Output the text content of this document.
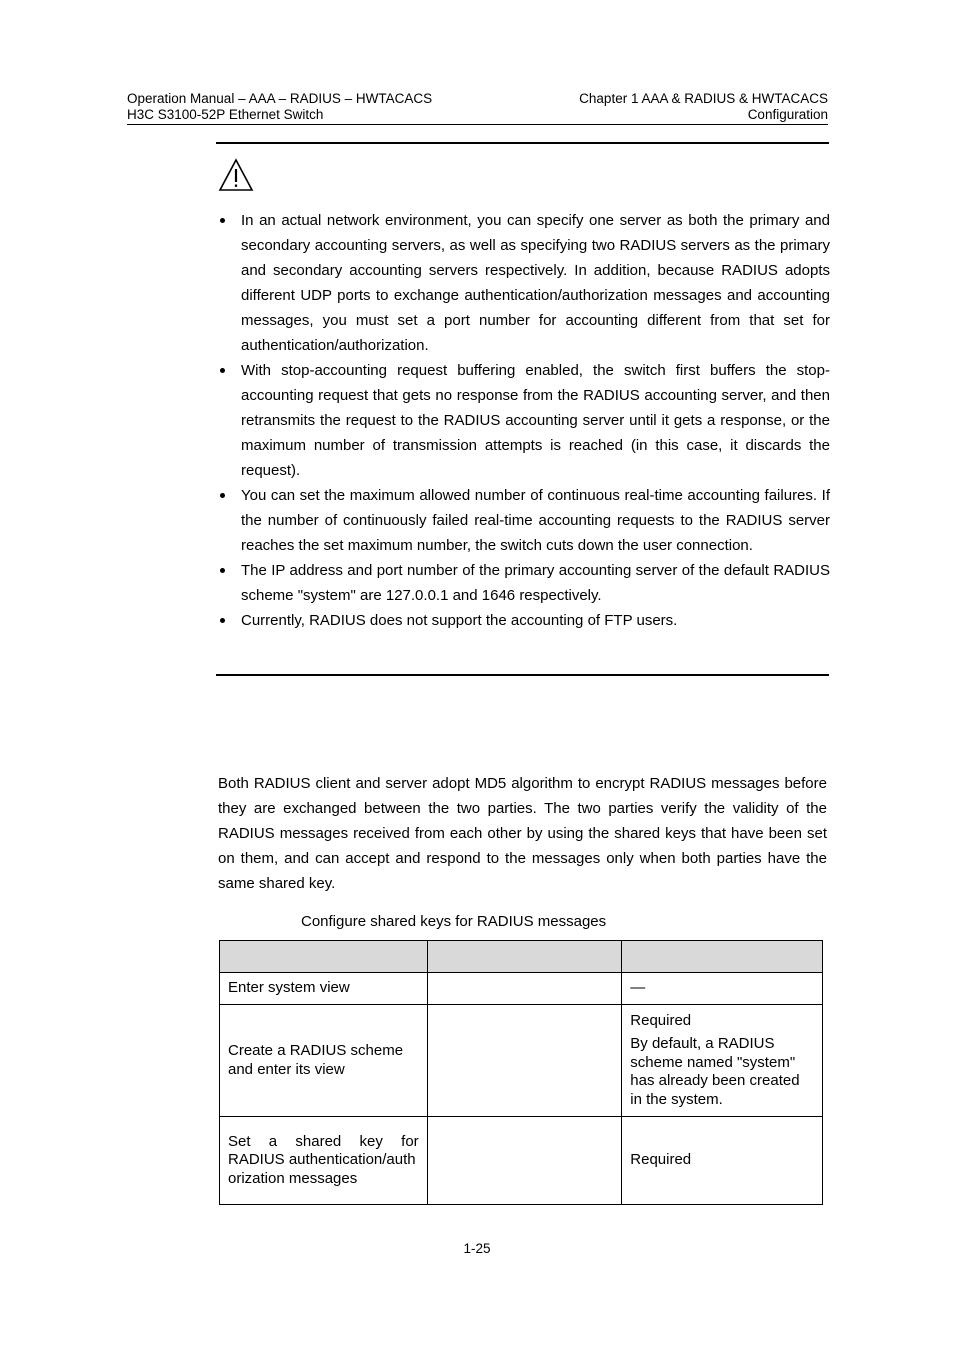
Operation Manual – AAA – RADIUS – HWTACACS
H3C S3100-52P Ethernet Switch
Chapter 1 AAA & RADIUS & HWTACACS
Configuration
In an actual network environment, you can specify one server as both the primary and secondary accounting servers, as well as specifying two RADIUS servers as the primary and secondary accounting servers respectively. In addition, because RADIUS adopts different UDP ports to exchange authentication/authorization messages and accounting messages, you must set a port number for accounting different from that set for authentication/authorization.
With stop-accounting request buffering enabled, the switch first buffers the stop-accounting request that gets no response from the RADIUS accounting server, and then retransmits the request to the RADIUS accounting server until it gets a response, or the maximum number of transmission attempts is reached (in this case, it discards the request).
You can set the maximum allowed number of continuous real-time accounting failures. If the number of continuously failed real-time accounting requests to the RADIUS server reaches the set maximum number, the switch cuts down the user connection.
The IP address and port number of the primary accounting server of the default RADIUS scheme "system" are 127.0.0.1 and 1646 respectively.
Currently, RADIUS does not support the accounting of FTP users.

Both RADIUS client and server adopt MD5 algorithm to encrypt RADIUS messages before they are exchanged between the two parties. The two parties verify the validity of the RADIUS messages received from each other by using the shared keys that have been set on them, and can accept and respond to the messages only when both parties have the same shared key.

Configure shared keys for RADIUS messages

Enter system view		—
Create a RADIUS scheme and enter its view		Required

By default, a RADIUS scheme named "system" has already been created in the system.

Set a shared key for
RADIUS authentication/authorization messages		Required
1-25
